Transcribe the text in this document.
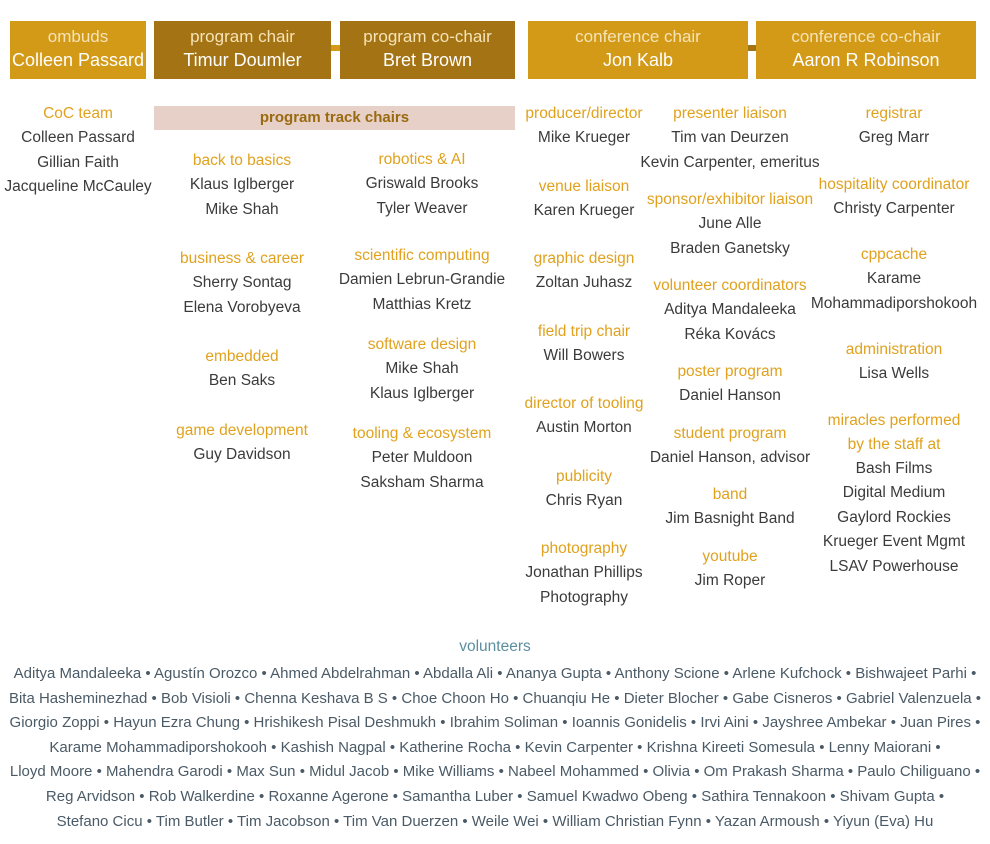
ombuds
Colleen Passard
program chair
Timur Doumler
program co-chair
Bret Brown
conference chair
Jon Kalb
conference co-chair
Aaron R Robinson
program track chairs
CoC team
Colleen Passard
Gillian Faith
Jacqueline McCauley
back to basics
Klaus Iglberger
Mike Shah
business & career
Sherry Sontag
Elena Vorobyeva
embedded
Ben Saks
game development
Guy Davidson
robotics & AI
Griswald Brooks
Tyler Weaver
scientific computing
Damien Lebrun-Grandie
Matthias Kretz
software design
Mike Shah
Klaus Iglberger
tooling & ecosystem
Peter Muldoon
Saksham Sharma
producer/director
Mike Krueger
venue liaison
Karen Krueger
graphic design
Zoltan Juhasz
field trip chair
Will Bowers
director of tooling
Austin Morton
publicity
Chris Ryan
photography
Jonathan Phillips
Photography
presenter liaison
Tim van Deurzen
Kevin Carpenter, emeritus
sponsor/exhibitor liaison
June Alle
Braden Ganetsky
volunteer coordinators
Aditya Mandaleeka
Réka Kovács
poster program
Daniel Hanson
student program
Daniel Hanson, advisor
band
Jim Basnight Band
youtube
Jim Roper
registrar
Greg Marr
hospitality coordinator
Christy Carpenter
cppcache
Karame
Mohammadiporshokooh
administration
Lisa Wells
miracles performed
by the staff at
Bash Films
Digital Medium
Gaylord Rockies
Krueger Event Mgmt
LSAV Powerhouse
volunteers
Aditya Mandaleeka • Agustín Orozco • Ahmed Abdelrahman • Abdalla Ali • Ananya Gupta • Anthony Scione • Arlene Kufchock • Bishwajeet Parhi • Bita Hasheminezhad • Bob Visioli • Chenna Keshava B S • Choe Choon Ho • Chuanqiu He • Dieter Blocher • Gabe Cisneros • Gabriel Valenzuela • Giorgio Zoppi • Hayun Ezra Chung • Hrishikesh Pisal Deshmukh • Ibrahim Soliman • Ioannis Gonidelis • Irvi Aini • Jayshree Ambekar • Juan Pires • Karame Mohammadiporshokooh • Kashish Nagpal • Katherine Rocha • Kevin Carpenter • Krishna Kireeti Somesula • Lenny Maiorani • Lloyd Moore • Mahendra Garodi • Max Sun • Midul Jacob • Mike Williams • Nabeel Mohammed • Olivia • Om Prakash Sharma • Paulo Chiliguano • Reg Arvidson • Rob Walkerdine • Roxanne Agerone • Samantha Luber • Samuel Kwadwo Obeng • Sathira Tennakoon • Shivam Gupta • Stefano Cicu • Tim Butler • Tim Jacobson • Tim Van Duerzen • Weile Wei • William Christian Fynn • Yazan Armoush • Yiyun (Eva) Hu
